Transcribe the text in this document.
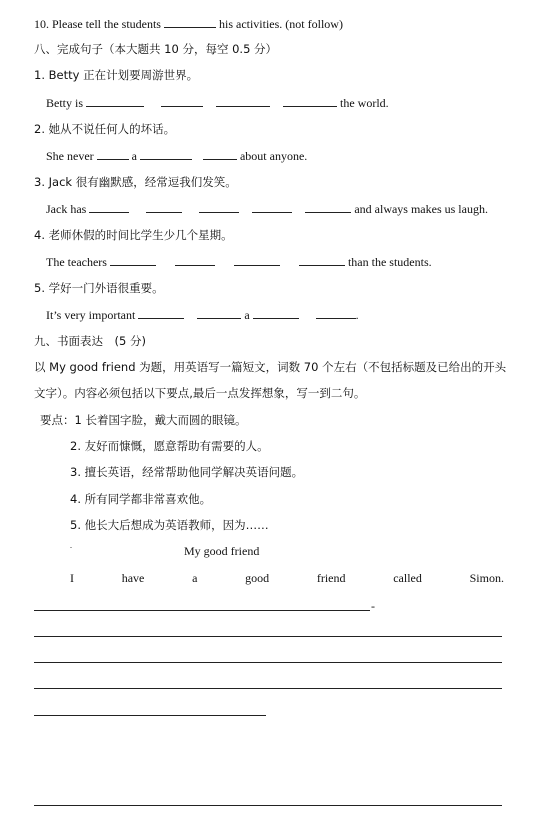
10. Please tell the students	his activities. (not follow)
八、完成句子（本大题共 10 分，每空 0.5 分）
1. Betty 正在计划要周游世界。
Betty is	the world.
2. 她从不说任何人的坏话。
She never	a	about anyone.
3. Jack 很有幽默感，经常逗我们发笑。
Jack has	and always makes us laugh.
4. 老师休假的时间比学生少几个星期。
The teachers	than the students.
5. 学好一门外语很重要。
It’s very important	a	.
九、书面表达　(5 分)
以 My good friend 为题，用英语写一篇短文，词数 70 个左右（不包括标题及已给出的开头
文字）。内容必须包括以下要点,最后一点发挥想象，写一到二句。
要点：1 长着国字脸，戴大而圆的眼镜。
2. 友好而慷慨，愿意帮助有需要的人。
3. 擅长英语，经常帮助他同学解决英语问题。
4. 所有同学都非常喜欢他。
5. 他长大后想成为英语教师，因为……
.	My good friend
I	have	a	good	friend	called	Simon.
-
